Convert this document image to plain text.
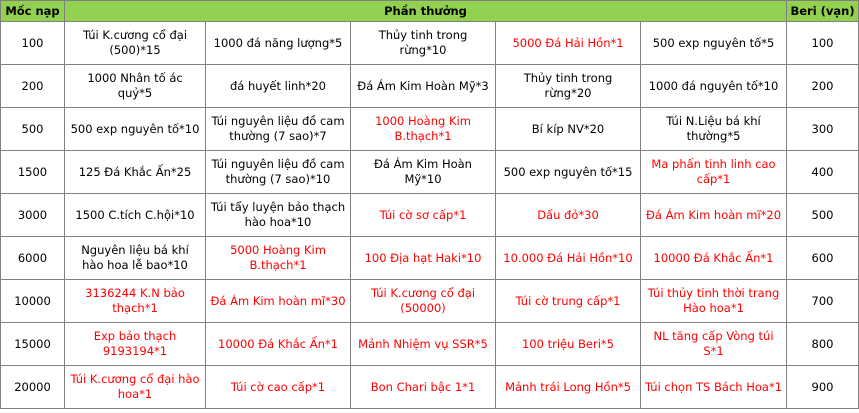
Mốc nạp	Phần thưởng					Beri (vạn)
100	Túi K.cương cổ đại (500)*15	1000 đá năng lượng*5	Thủy tinh trong rừng*10	5000 Đá Hải Hồn*1	500 exp nguyên tố*5	100
200	1000 Nhân tố ác quỷ*5	đá huyết linh*20	Đá Ám Kim Hoàn Mỹ*3	Thủy tinh trong rừng*20	1000 đá nguyên tố*10	200
500	500 exp nguyên tố*10	Túi nguyên liệu đồ cam thường (7 sao)*7	1000 Hoàng Kim B.thạch*1	Bí kíp NV*20	Túi N.Liệu bá khí thường*5	300
1500	125 Đá Khắc Ấn*25	Túi nguyên liệu đồ cam thường (7 sao)*10	Đá Ám Kim Hoàn Mỹ*10	500 exp nguyên tố*15	Ma phấn tinh linh cao cấp*1	400
3000	1500 C.tích C.hội*10	Túi tẩy luyện bảo thạch hào hoa*10	Túi cờ sơ cấp*1	Dấu đỏ*30	Đá Ám Kim hoàn mĩ*20	500
6000	Nguyên liệu bá khí hào hoa lễ bao*10	5000 Hoàng Kim B.thạch*1	100 Địa hạt Haki*10	10.000 Đá Hải Hồn*10	10000 Đá Khắc Ấn*1	600
10000	3136244 K.N bảo thạch*1	Đá Ám Kim hoàn mĩ*30	Túi K.cương cổ đại (50000)	Túi cờ trung cấp*1	Túi thủy tinh thời trang Hào hoa*1	700
15000	Exp bảo thạch 9193194*1	10000 Đá Khắc Ấn*1	Mảnh Nhiệm vụ SSR*5	100 triệu Beri*5	NL tăng cấp Vòng túi S*1	800
20000	Túi K.cương cổ đại hào hoa*1	Túi cờ cao cấp*1	Bon Chari bậc 1*1	Mảnh trái Long Hồn*5	Túi chọn TS Bách Hoa*1	900
